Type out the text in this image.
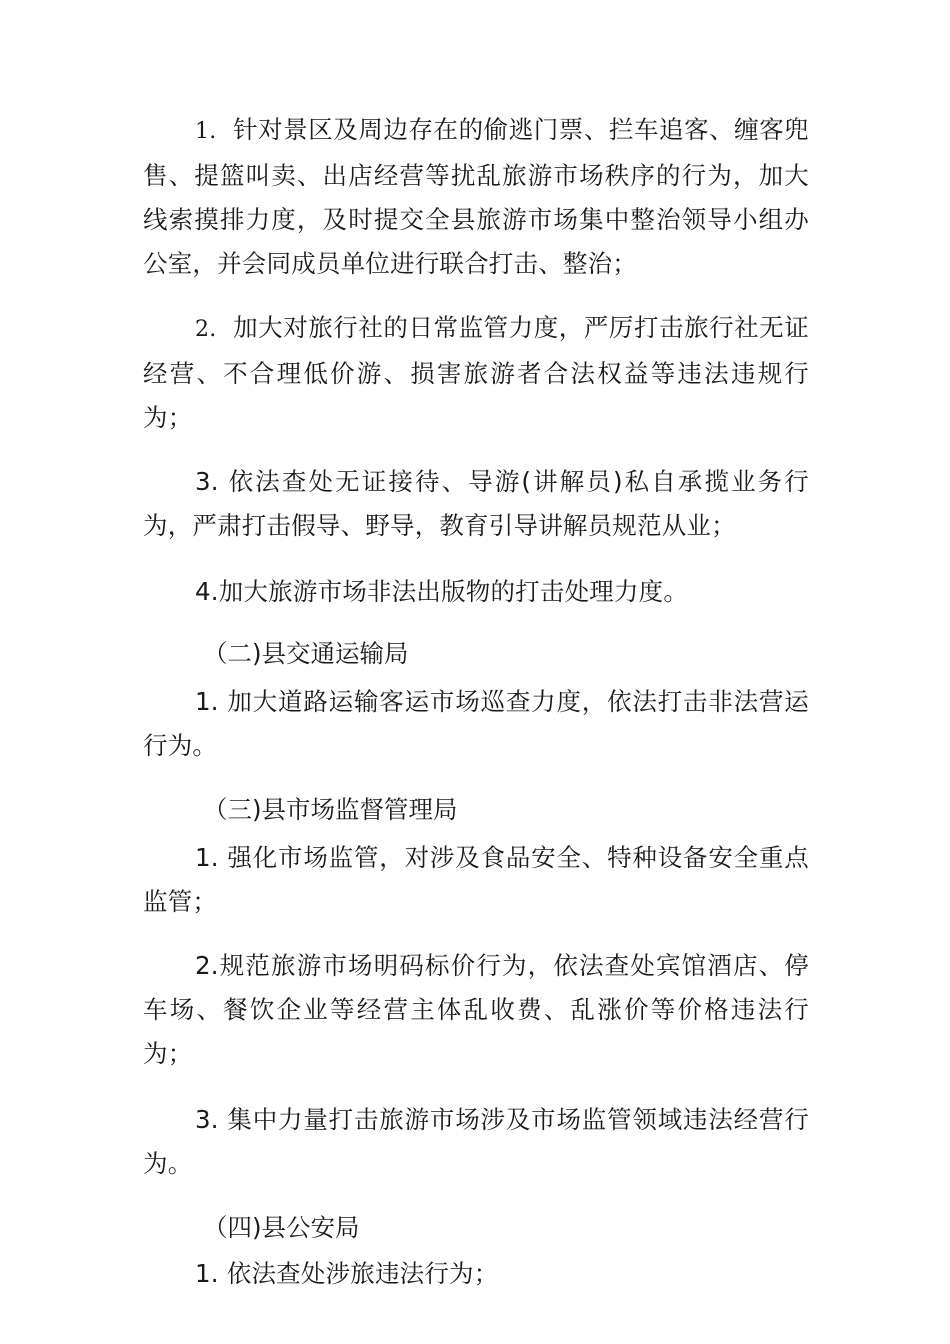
1. 针对景区及周边存在的偷逃门票、拦车追客、缠客兜售、提篮叫卖、出店经营等扰乱旅游市场秩序的行为，加大线索摸排力度，及时提交全县旅游市场集中整治领导小组办公室，并会同成员单位进行联合打击、整治；

2. 加大对旅行社的日常监管力度，严厉打击旅行社无证经营、不合理低价游、损害旅游者合法权益等违法违规行为；

3. 依法查处无证接待、导游(讲解员)私自承揽业务行为，严肃打击假导、野导，教育引导讲解员规范从业；

4.加大旅游市场非法出版物的打击处理力度。

（二)县交通运输局

1. 加大道路运输客运市场巡查力度，依法打击非法营运行为。

（三)县市场监督管理局

1. 强化市场监管，对涉及食品安全、特种设备安全重点监管；

2.规范旅游市场明码标价行为，依法查处宾馆酒店、停车场、餐饮企业等经营主体乱收费、乱涨价等价格违法行为；

3. 集中力量打击旅游市场涉及市场监管领域违法经营行为。

（四)县公安局

1. 依法查处涉旅违法行为；
